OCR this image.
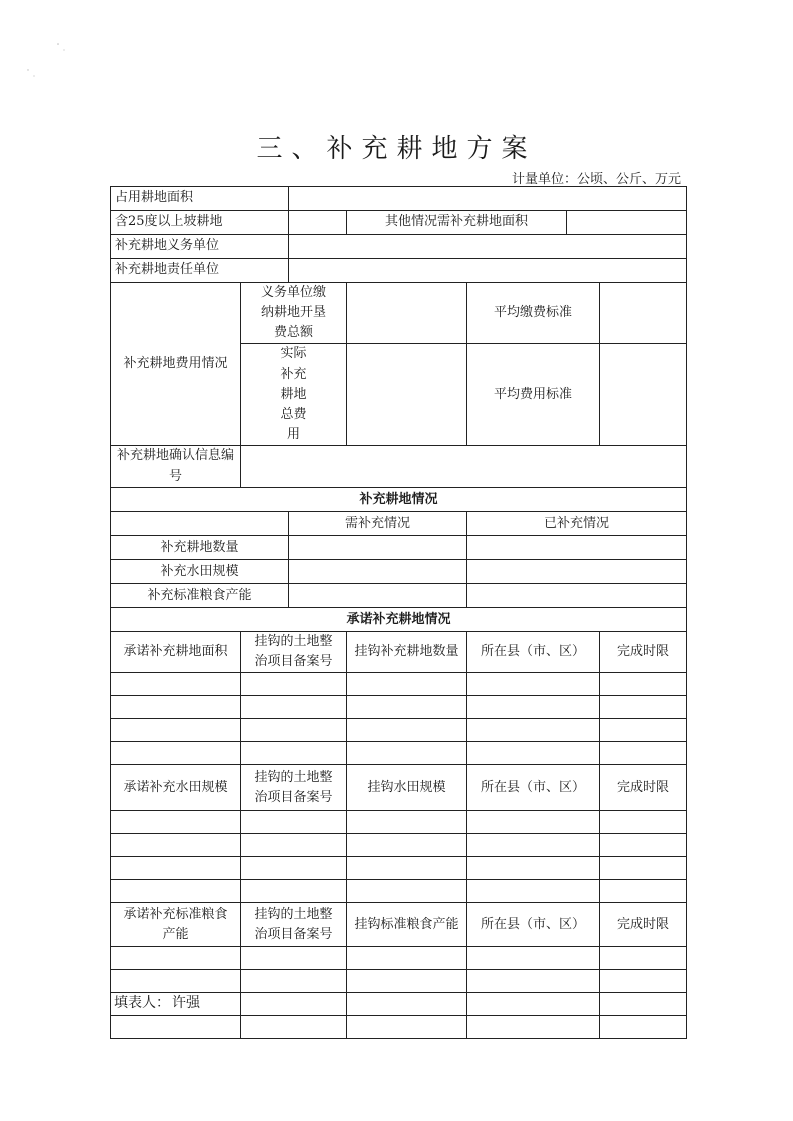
三、补充耕地方案
计量单位：公顷、公斤、万元
占用耕地面积						
含25度以上坡耕地			其他情况需补充耕地面积			
补充耕地义务单位						
补充耕地责任单位						
补充耕地费用情况	义务单位缴纳耕地开垦费总额			平均缴费标准		
	实际补充耕地总费用			平均费用标准		
补充耕地确认信息编号						
补充耕地情况						
		需补充情况		已补充情况		
补充耕地数量						
补充水田规模						
补充标准粮食产能						
承诺补充耕地情况						
承诺补充耕地面积	挂钩的土地整治项目备案号		挂钩补充耕地数量	所在县（市、区）		完成时限

承诺补充水田规模	挂钩的土地整治项目备案号		挂钩水田规模	所在县（市、区）		完成时限

承诺补充标准粮食产能	挂钩的土地整治项目备案号		挂钩标准粮食产能	所在县（市、区）		完成时限

填表人： 许强
